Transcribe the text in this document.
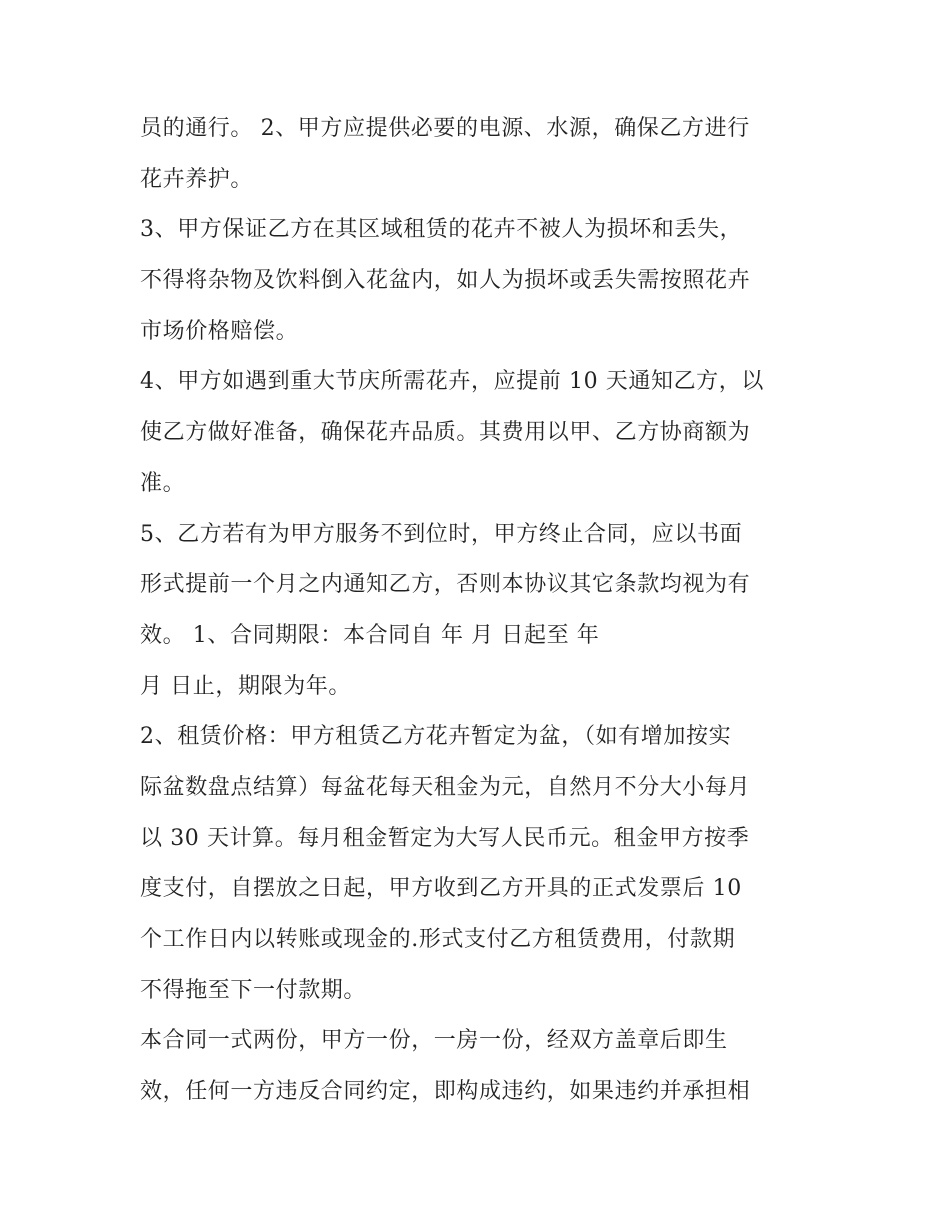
员的通行。 2、甲方应提供必要的电源、水源，确保乙方进行
花卉养护。
3、甲方保证乙方在其区域租赁的花卉不被人为损坏和丢失，
不得将杂物及饮料倒入花盆内，如人为损坏或丢失需按照花卉
市场价格赔偿。
4、甲方如遇到重大节庆所需花卉，应提前 10 天通知乙方，以
使乙方做好准备，确保花卉品质。其费用以甲、乙方协商额为
准。
5、乙方若有为甲方服务不到位时，甲方终止合同，应以书面
形式提前一个月之内通知乙方，否则本协议其它条款均视为有
效。 1、合同期限：本合同自 年 月 日起至 年
月 日止，期限为年。
2、租赁价格：甲方租赁乙方花卉暂定为盆，（如有增加按实
际盆数盘点结算）每盆花每天租金为元，自然月不分大小每月
以 30 天计算。每月租金暂定为大写人民币元。租金甲方按季
度支付，自摆放之日起，甲方收到乙方开具的正式发票后 10
个工作日内以转账或现金的.形式支付乙方租赁费用，付款期
不得拖至下一付款期。
本合同一式两份，甲方一份，一房一份，经双方盖章后即生
效，任何一方违反合同约定，即构成违约，如果违约并承担相
